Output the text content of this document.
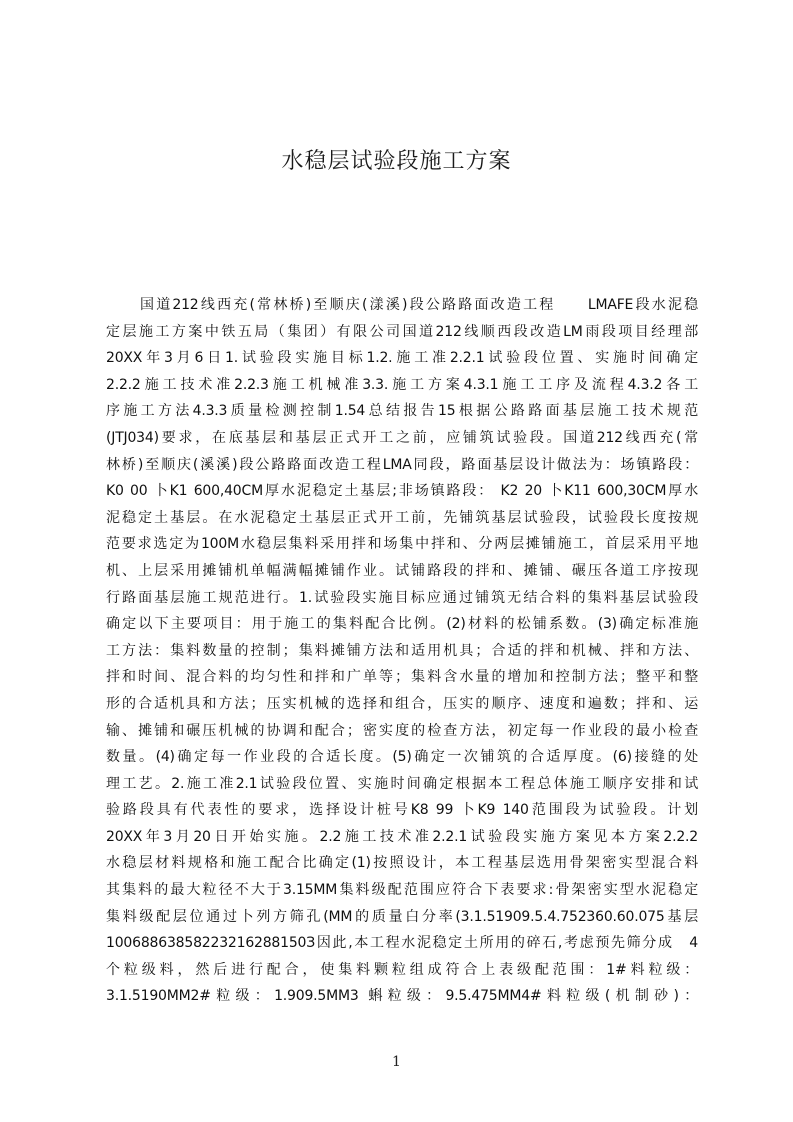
水稳层试验段施工方案
国道212线西充(常林桥)至顺庆(漾溪)段公路路面改造工程　　LMAFE段水泥稳
定层施工方案中铁五局（集团）有限公司国道212线顺西段改造LM雨段项目经理部
20XX年3月6日1.试验段实施目标1.2.施工准2.2.1试验段位置、实施时间确定
2.2.2施工技术准2.2.3施工机械准3.3.施工方案4.3.1施工工序及流程4.3.2各工
序施工方法4.3.3质量检测控制1.54总结报告15根据公路路面基层施工技术规范
(JTJ034)要求，在底基层和基层正式开工之前，应铺筑试验段。国道212线西充(常
林桥)至顺庆(溪溪)段公路路面改造工程LMA同段，路面基层设计做法为：场镇路段：
K0 00 卜K1 600,40CM厚水泥稳定土基层;非场镇路段： K2 20 卜K11 600,30CM厚水
泥稳定土基层。在水泥稳定土基层正式开工前，先铺筑基层试验段，试验段长度按规
范要求选定为100M水稳层集料采用拌和场集中拌和、分两层摊铺施工，首层采用平地
机、上层采用摊铺机单幅满幅摊铺作业。试铺路段的拌和、摊铺、碾压各道工序按现
行路面基层施工规范进行。1.试验段实施目标应通过铺筑无结合料的集料基层试验段
确定以下主要项目：用于施工的集料配合比例。(2)材料的松铺系数。(3)确定标准施
工方法：集料数量的控制；集料摊铺方法和适用机具；合适的拌和机械、拌和方法、
拌和时间、混合料的均匀性和拌和广单等；集料含水量的增加和控制方法；整平和整
形的合适机具和方法；压实机械的选择和组合，压实的顺序、速度和遍数；拌和、运
输、摊铺和碾压机械的协调和配合；密实度的检查方法，初定每一作业段的最小检查
数量。(4)确定每一作业段的合适长度。(5)确定一次铺筑的合适厚度。(6)接缝的处
理工艺。2.施工准2.1试验段位置、实施时间确定根据本工程总体施工顺序安排和试
验路段具有代表性的要求，选择设计桩号K8 99 卜K9 140范围段为试验段。计划
20XX年3月20日开始实施。2.2施工技术准2.2.1试验段实施方案见本方案2.2.2
水稳层材料规格和施工配合比确定(1)按照设计，本工程基层选用骨架密实型混合料
其集料的最大粒径不大于3.15MM集料级配范围应符合下表要求:骨架密实型水泥稳定
集料级配层位通过卜列方筛孔(MM的质量白分率(3.1.51909.5.4.752360.60.075基层
10068863858223216288150З因此,本工程水泥稳定土所用的碎石,考虑预先筛分成　4
个粒级料，然后进行配合，使集料颗粒组成符合上表级配范围：1#料粒级：
3.1.5190MM2#粒级：1.909.5MM3 蝌粒级：9.5.475MM4#料粒级(机制砂)：
1
